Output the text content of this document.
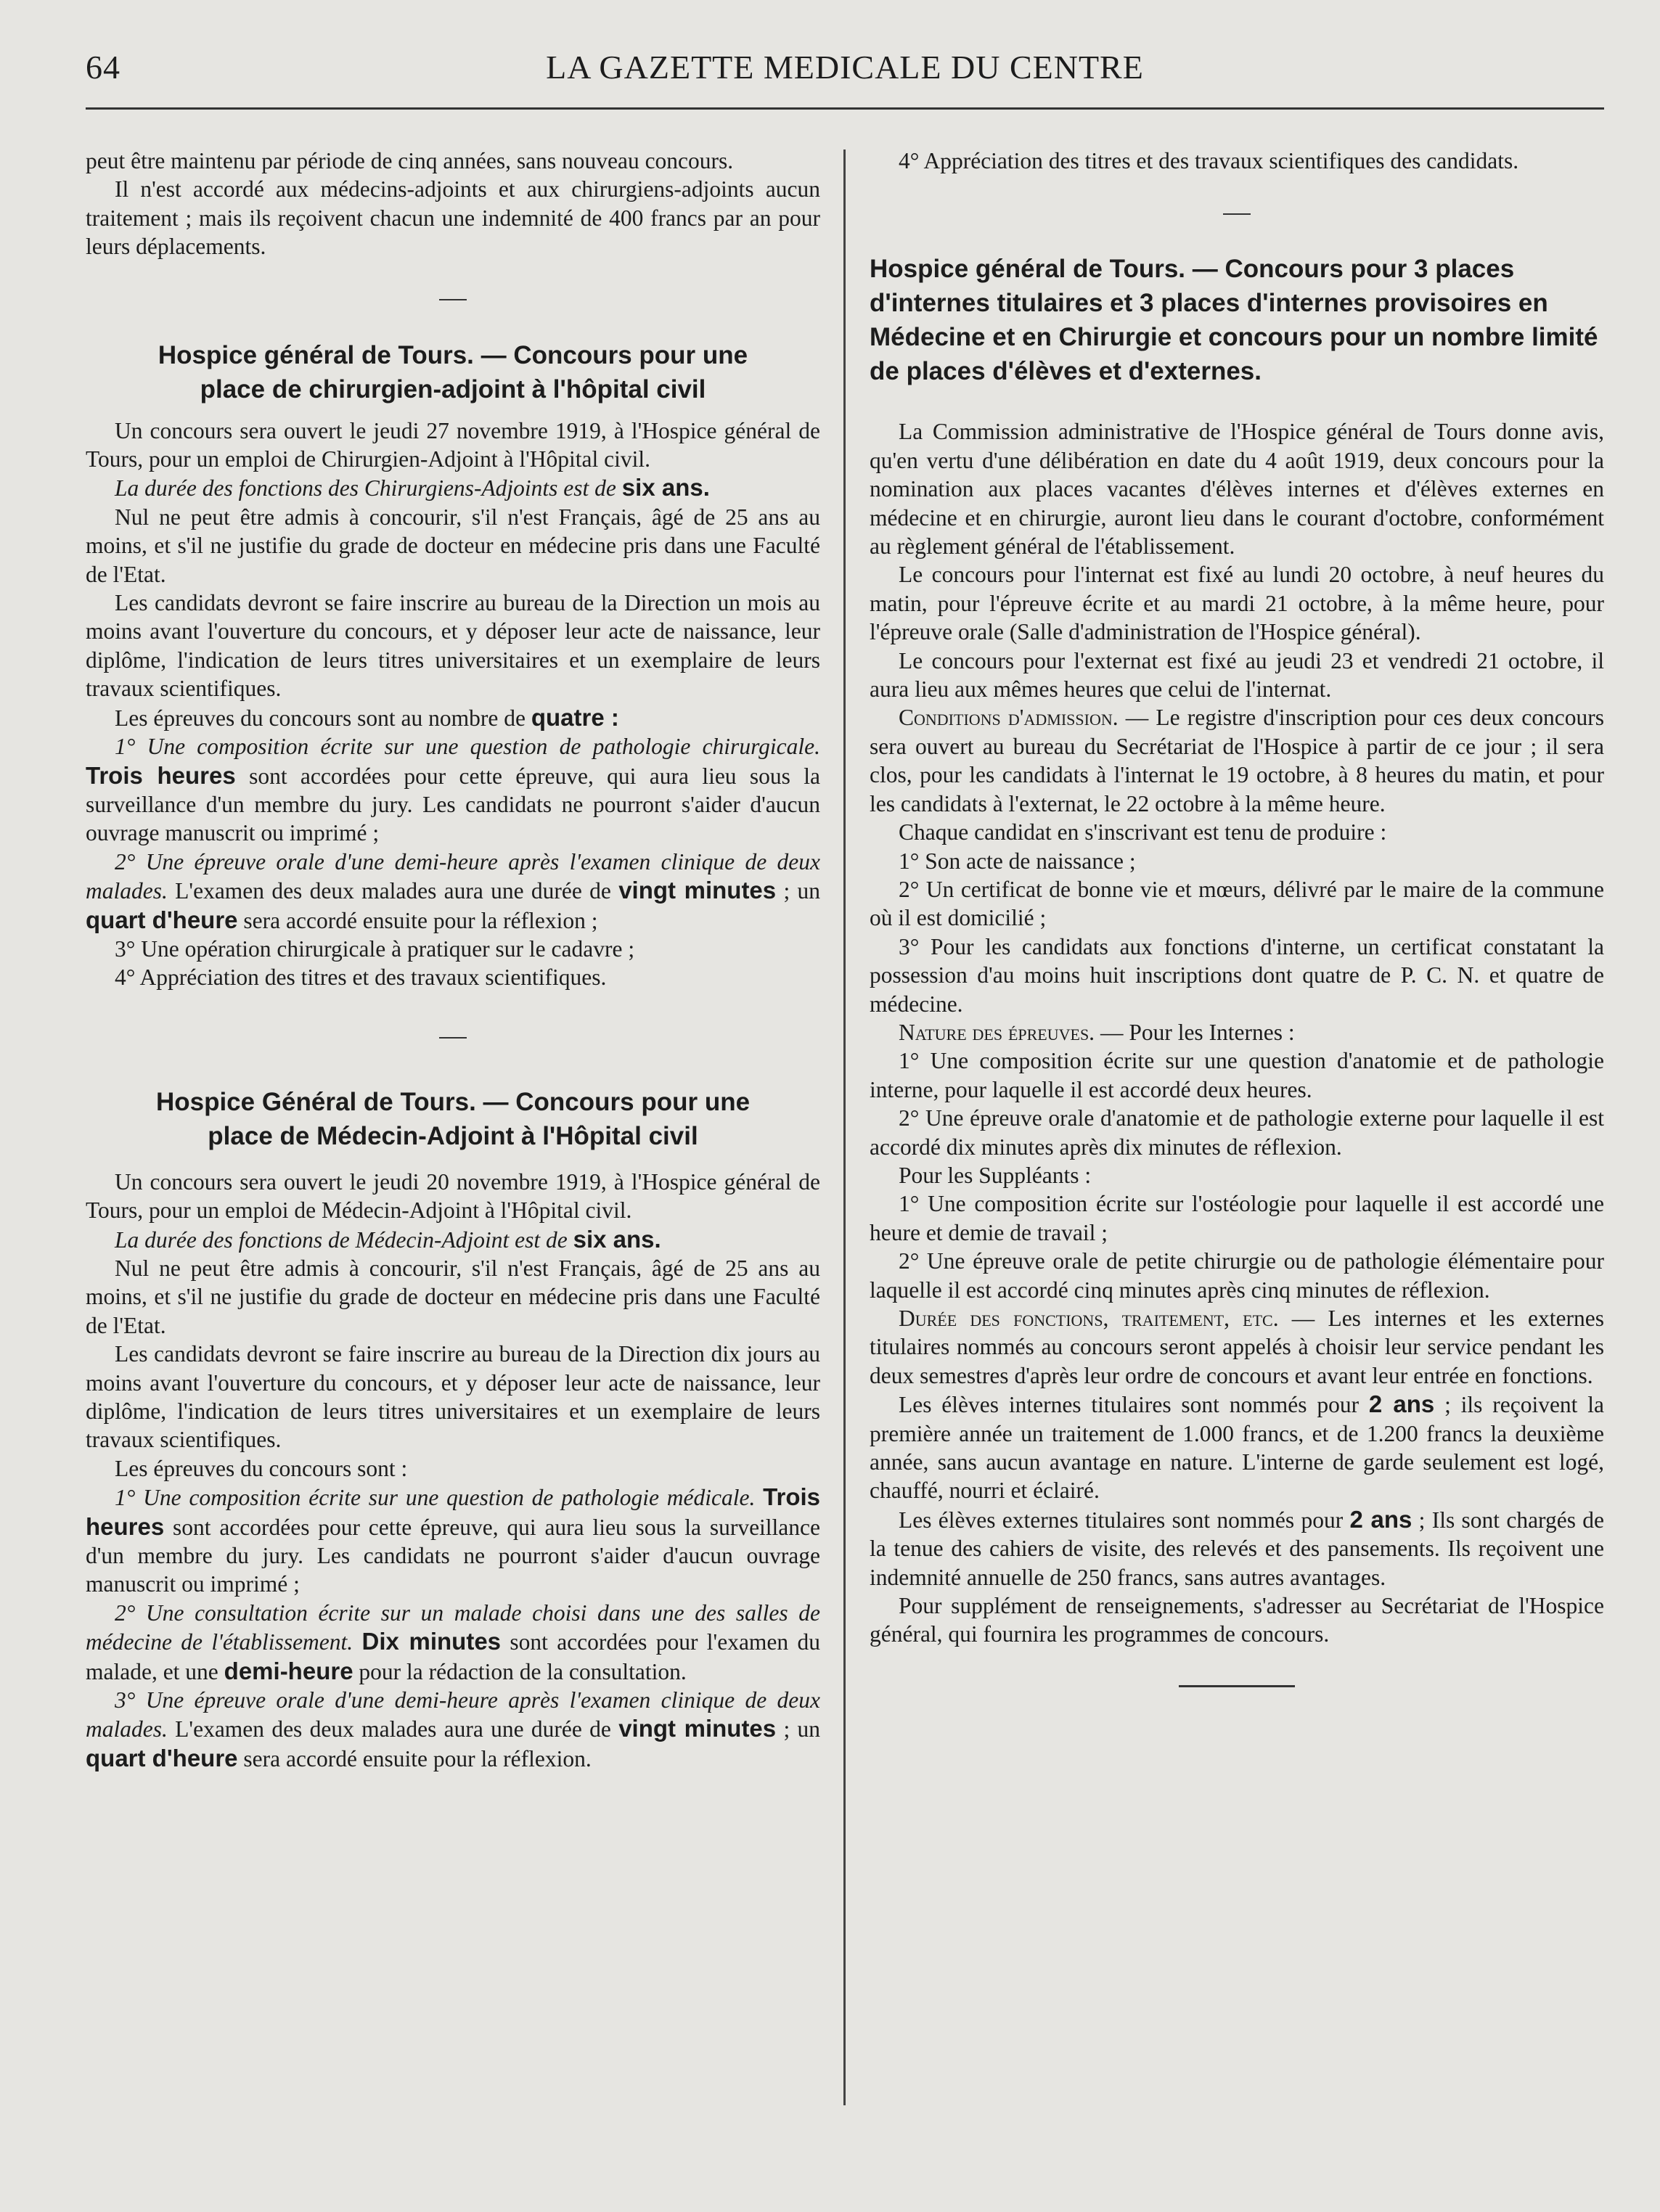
64	LA GAZETTE MEDICALE DU CENTRE

peut être maintenu par période de cinq années, sans nouveau concours.

Il n'est accordé aux médecins-adjoints et aux chirurgiens-adjoints aucun traitement ; mais ils reçoivent chacun une indemnité de 400 francs par an pour leurs déplacements.

Hospice général de Tours. — Concours pour une
place de chirurgien-adjoint à l'hôpital civil

Un concours sera ouvert le jeudi 27 novembre 1919, à l'Hospice général de Tours, pour un emploi de Chirurgien-Adjoint à l'Hôpital civil.

La durée des fonctions des Chirurgiens-Adjoints est de six ans.

Nul ne peut être admis à concourir, s'il n'est Français, âgé de 25 ans au moins, et s'il ne justifie du grade de docteur en médecine pris dans une Faculté de l'Etat.

Les candidats devront se faire inscrire au bureau de la Direction un mois au moins avant l'ouverture du concours, et y déposer leur acte de naissance, leur diplôme, l'indication de leurs titres universitaires et un exemplaire de leurs travaux scientifiques.

Les épreuves du concours sont au nombre de quatre :

1° Une composition écrite sur une question de pathologie chirurgicale. Trois heures sont accordées pour cette épreuve, qui aura lieu sous la surveillance d'un membre du jury. Les candidats ne pourront s'aider d'aucun ouvrage manuscrit ou imprimé ;

2° Une épreuve orale d'une demi-heure après l'examen clinique de deux malades. L'examen des deux malades aura une durée de vingt minutes ; un quart d'heure sera accordé ensuite pour la réflexion ;

3° Une opération chirurgicale à pratiquer sur le cadavre ;

4° Appréciation des titres et des travaux scientifiques.

Hospice Général de Tours. — Concours pour une
place de Médecin-Adjoint à l'Hôpital civil

Un concours sera ouvert le jeudi 20 novembre 1919, à l'Hospice général de Tours, pour un emploi de Médecin-Adjoint à l'Hôpital civil.

La durée des fonctions de Médecin-Adjoint est de six ans.

Nul ne peut être admis à concourir, s'il n'est Français, âgé de 25 ans au moins, et s'il ne justifie du grade de docteur en médecine pris dans une Faculté de l'Etat.

Les candidats devront se faire inscrire au bureau de la Direction dix jours au moins avant l'ouverture du concours, et y déposer leur acte de naissance, leur diplôme, l'indication de leurs titres universitaires et un exemplaire de leurs travaux scientifiques.

Les épreuves du concours sont :

1° Une composition écrite sur une question de pathologie médicale. Trois heures sont accordées pour cette épreuve, qui aura lieu sous la surveillance d'un membre du jury. Les candidats ne pourront s'aider d'aucun ouvrage manuscrit ou imprimé ;

2° Une consultation écrite sur un malade choisi dans une des salles de médecine de l'établissement. Dix minutes sont accordées pour l'examen du malade, et une demi-heure pour la rédaction de la consultation.

3° Une épreuve orale d'une demi-heure après l'examen clinique de deux malades. L'examen des deux malades aura une durée de vingt minutes ; un quart d'heure sera accordé ensuite pour la réflexion.

4° Appréciation des titres et des travaux scientifiques des candidats.

Hospice général de Tours. — Concours pour 3 places d'internes titulaires et 3 places d'internes provisoires en Médecine et en Chirurgie et concours pour un nombre limité de places d'élèves et d'externes.

La Commission administrative de l'Hospice général de Tours donne avis, qu'en vertu d'une délibération en date du 4 août 1919, deux concours pour la nomination aux places vacantes d'élèves internes et d'élèves externes en médecine et en chirurgie, auront lieu dans le courant d'octobre, conformément au règlement général de l'établissement.

Le concours pour l'internat est fixé au lundi 20 octobre, à neuf heures du matin, pour l'épreuve écrite et au mardi 21 octobre, à la même heure, pour l'épreuve orale (Salle d'administration de l'Hospice général).

Le concours pour l'externat est fixé au jeudi 23 et vendredi 21 octobre, il aura lieu aux mêmes heures que celui de l'internat.

Conditions d'admission. — Le registre d'inscription pour ces deux concours sera ouvert au bureau du Secrétariat de l'Hospice à partir de ce jour ; il sera clos, pour les candidats à l'internat le 19 octobre, à 8 heures du matin, et pour les candidats à l'externat, le 22 octobre à la même heure.

Chaque candidat en s'inscrivant est tenu de produire :

1° Son acte de naissance ;

2° Un certificat de bonne vie et mœurs, délivré par le maire de la commune où il est domicilié ;

3° Pour les candidats aux fonctions d'interne, un certificat constatant la possession d'au moins huit inscriptions dont quatre de P. C. N. et quatre de médecine.

Nature des épreuves. — Pour les Internes :

1° Une composition écrite sur une question d'anatomie et de pathologie interne, pour laquelle il est accordé deux heures.

2° Une épreuve orale d'anatomie et de pathologie externe pour laquelle il est accordé dix minutes après dix minutes de réflexion.

Pour les Suppléants :

1° Une composition écrite sur l'ostéologie pour laquelle il est accordé une heure et demie de travail ;

2° Une épreuve orale de petite chirurgie ou de pathologie élémentaire pour laquelle il est accordé cinq minutes après cinq minutes de réflexion.

Durée des fonctions, traitement, etc. — Les internes et les externes titulaires nommés au concours seront appelés à choisir leur service pendant les deux semestres d'après leur ordre de concours et avant leur entrée en fonctions.

Les élèves internes titulaires sont nommés pour 2 ans ; ils reçoivent la première année un traitement de 1.000 francs, et de 1.200 francs la deuxième année, sans aucun avantage en nature. L'interne de garde seulement est logé, chauffé, nourri et éclairé.

Les élèves externes titulaires sont nommés pour 2 ans ; Ils sont chargés de la tenue des cahiers de visite, des relevés et des pansements. Ils reçoivent une indemnité annuelle de 250 francs, sans autres avantages.

Pour supplément de renseignements, s'adresser au Secrétariat de l'Hospice général, qui fournira les programmes de concours.
